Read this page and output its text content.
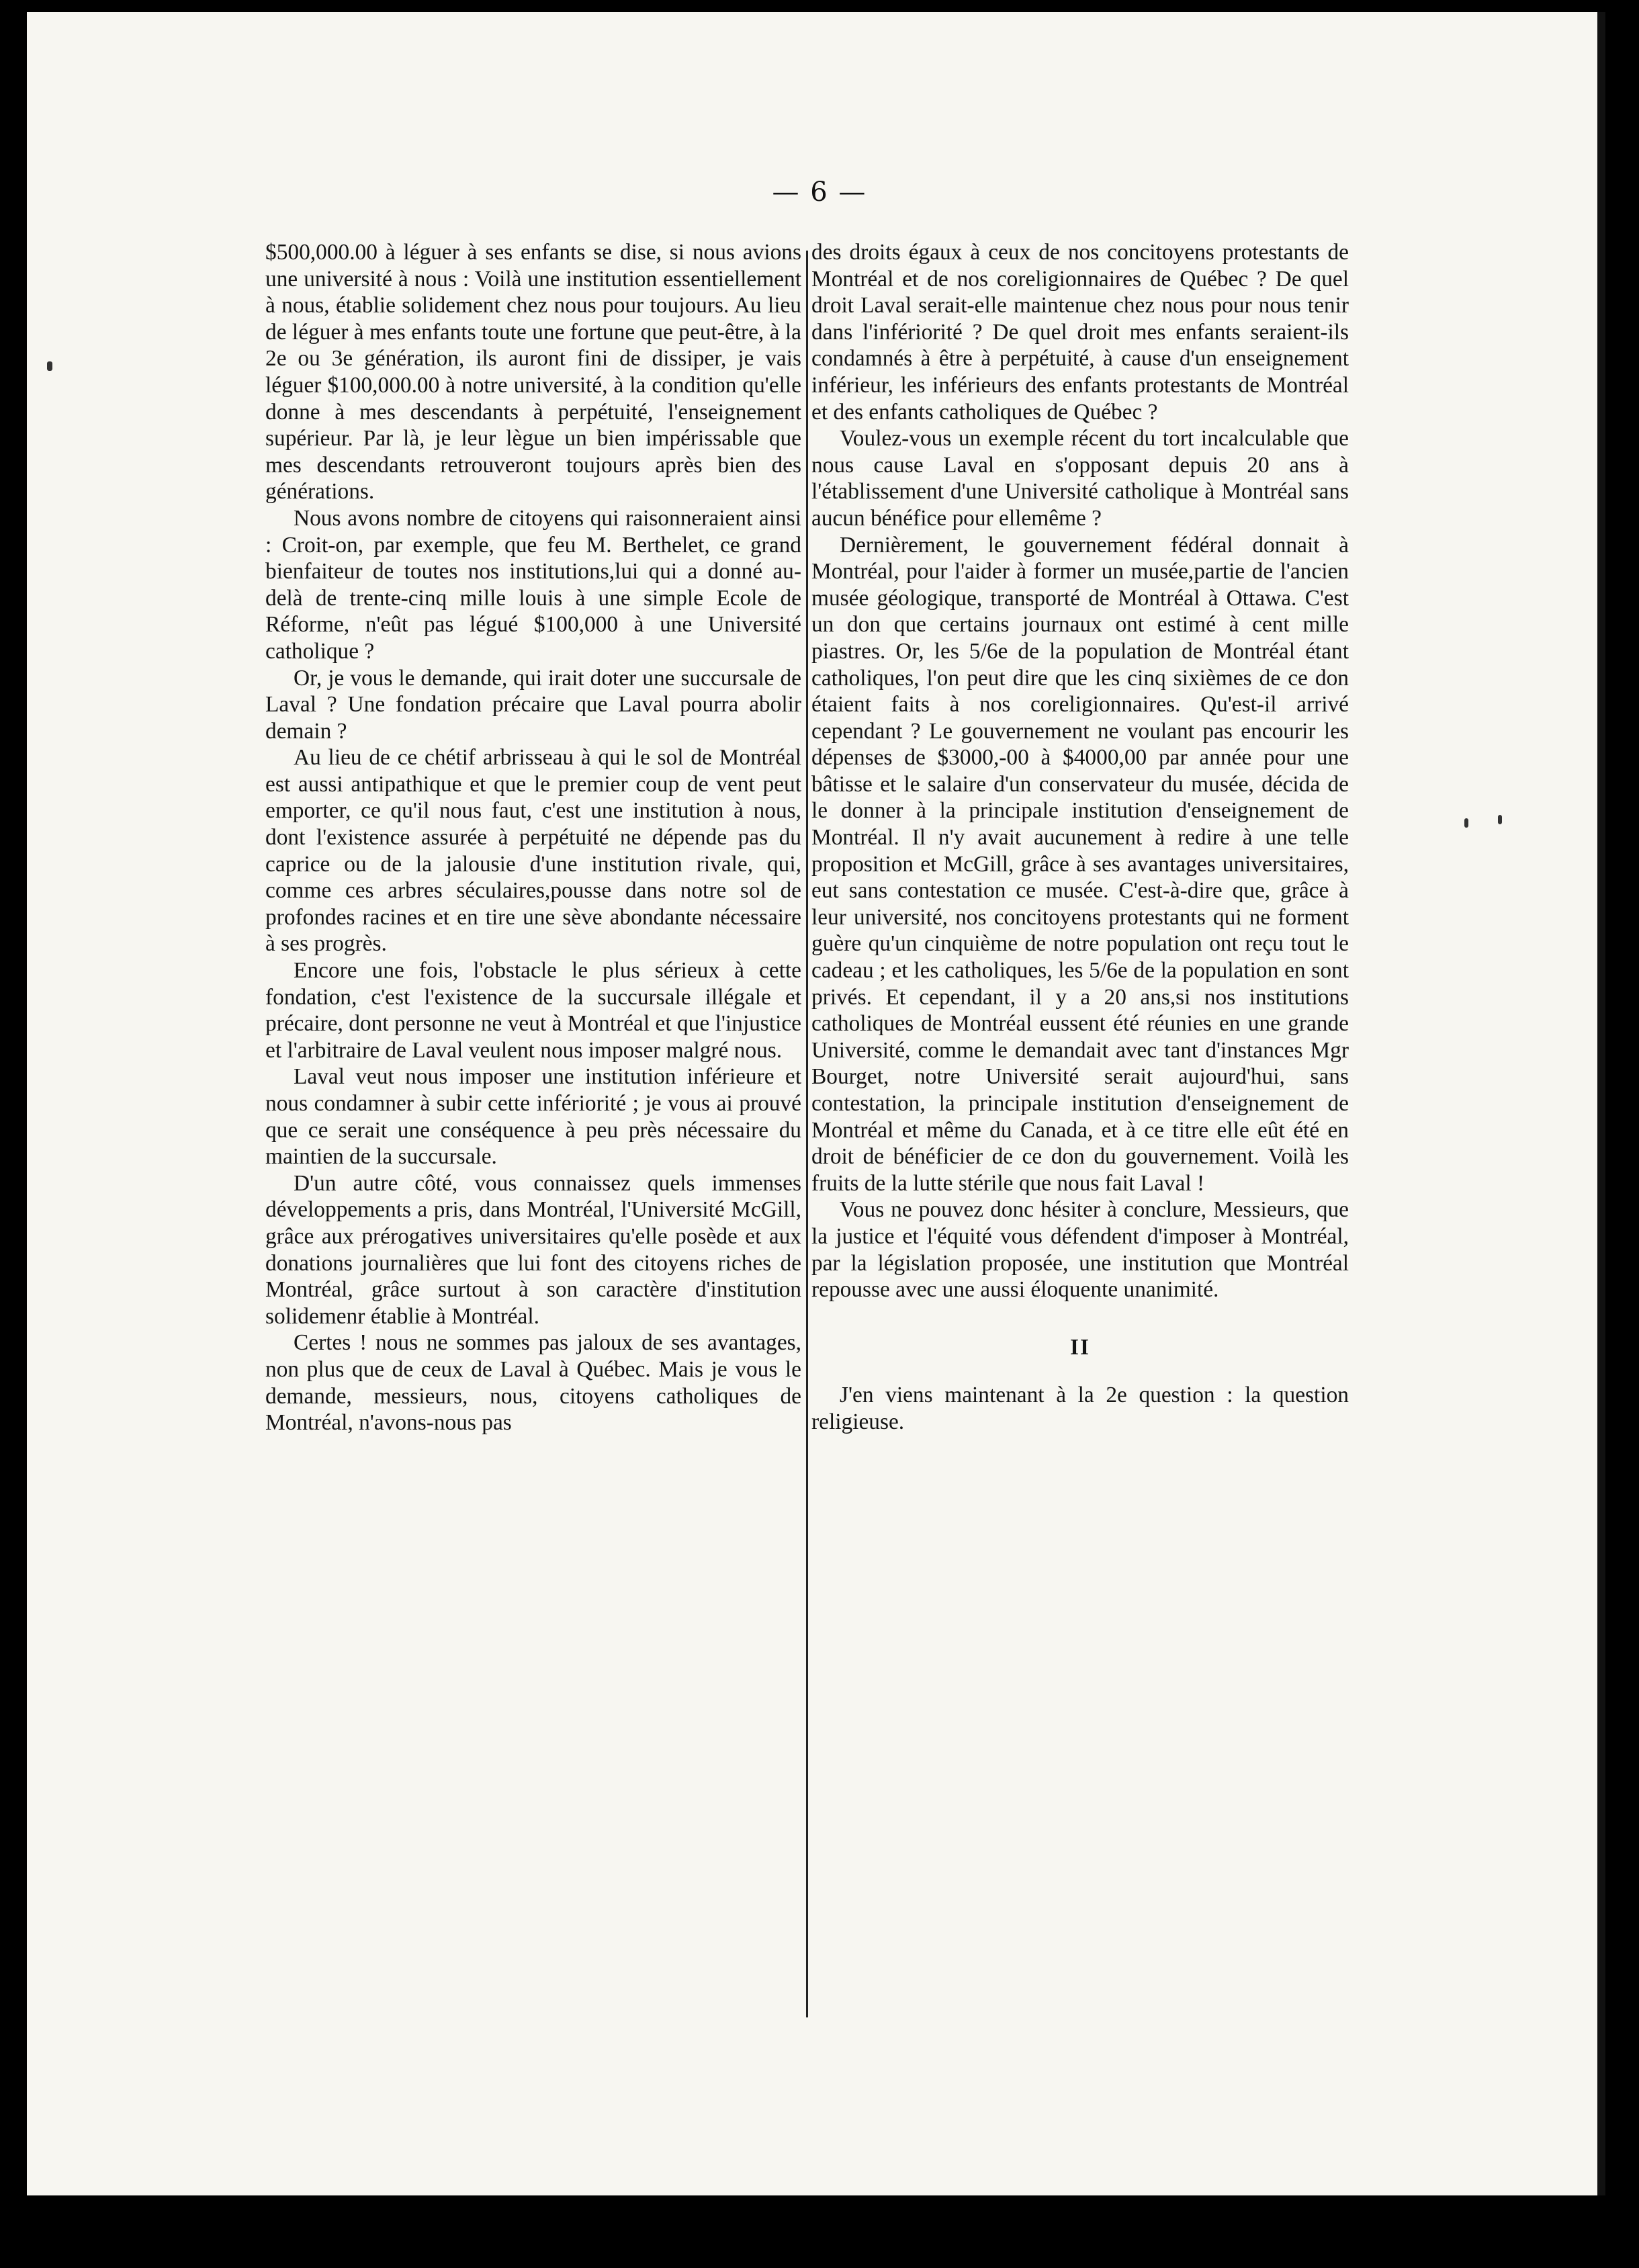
— 6 —

$500,000.00 à léguer à ses enfants se dise, si nous avions une université à nous : Voilà une institution essentiellement à nous, établie solidement chez nous pour toujours. Au lieu de léguer à mes enfants toute une fortune que peut-être, à la 2e ou 3e génération, ils auront fini de dissiper, je vais léguer $100,000.00 à notre université, à la condition qu'elle donne à mes descendants à perpétuité, l'enseignement supérieur. Par là, je leur lègue un bien impérissable que mes descendants retrouveront toujours après bien des générations.

Nous avons nombre de citoyens qui raisonneraient ainsi : Croit-on, par exemple, que feu M. Berthelet, ce grand bienfaiteur de toutes nos institutions,lui qui a donné au-delà de trente-cinq mille louis à une simple Ecole de Réforme, n'eût pas légué $100,000 à une Université catholique ?

Or, je vous le demande, qui irait doter une succursale de Laval ? Une fondation précaire que Laval pourra abolir demain ?

Au lieu de ce chétif arbrisseau à qui le sol de Montréal est aussi antipathique et que le premier coup de vent peut emporter, ce qu'il nous faut, c'est une institution à nous, dont l'existence assurée à perpétuité ne dépende pas du caprice ou de la jalousie d'une institution rivale, qui, comme ces arbres séculaires,pousse dans notre sol de profondes racines et en tire une sève abondante nécessaire à ses progrès.

Encore une fois, l'obstacle le plus sérieux à cette fondation, c'est l'existence de la succursale illégale et précaire, dont personne ne veut à Montréal et que l'injustice et l'arbitraire de Laval veulent nous imposer malgré nous.

Laval veut nous imposer une institution inférieure et nous condamner à subir cette infériorité ; je vous ai prouvé que ce serait une conséquence à peu près nécessaire du maintien de la succursale.

D'un autre côté, vous connaissez quels immenses développements a pris, dans Montréal, l'Université McGill, grâce aux prérogatives universitaires qu'elle posède et aux donations journalières que lui font des citoyens riches de Montréal, grâce surtout à son caractère d'institution solidemenr établie à Montréal.

Certes ! nous ne sommes pas jaloux de ses avantages, non plus que de ceux de Laval à Québec. Mais je vous le demande, messieurs, nous, citoyens catholiques de Montréal, n'avons-nous pas

des droits égaux à ceux de nos concitoyens protestants de Montréal et de nos coreligionnaires de Québec ? De quel droit Laval serait-elle maintenue chez nous pour nous tenir dans l'infériorité ? De quel droit mes enfants seraient-ils condamnés à être à perpétuité, à cause d'un enseignement inférieur, les inférieurs des enfants protestants de Montréal et des enfants catholiques de Québec ?

Voulez-vous un exemple récent du tort incalculable que nous cause Laval en s'opposant depuis 20 ans à l'établissement d'une Université catholique à Montréal sans aucun bénéfice pour ellemême ?

Dernièrement, le gouvernement fédéral donnait à Montréal, pour l'aider à former un musée,partie de l'ancien musée géologique, transporté de Montréal à Ottawa. C'est un don que certains journaux ont estimé à cent mille piastres. Or, les 5/6e de la population de Montréal étant catholiques, l'on peut dire que les cinq sixièmes de ce don étaient faits à nos coreligionnaires. Qu'est-il arrivé cependant ? Le gouvernement ne voulant pas encourir les dépenses de $3000,-00 à $4000,00 par année pour une bâtisse et le salaire d'un conservateur du musée, décida de le donner à la principale institution d'enseignement de Montréal. Il n'y avait aucunement à redire à une telle proposition et McGill, grâce à ses avantages universitaires, eut sans contestation ce musée. C'est-à-dire que, grâce à leur université, nos concitoyens protestants qui ne forment guère qu'un cinquième de notre population ont reçu tout le cadeau ; et les catholiques, les 5/6e de la population en sont privés. Et cependant, il y a 20 ans,si nos institutions catholiques de Montréal eussent été réunies en une grande Université, comme le demandait avec tant d'instances Mgr Bourget, notre Université serait aujourd'hui, sans contestation, la principale institution d'enseignement de Montréal et même du Canada, et à ce titre elle eût été en droit de bénéficier de ce don du gouvernement. Voilà les fruits de la lutte stérile que nous fait Laval !

Vous ne pouvez donc hésiter à conclure, Messieurs, que la justice et l'équité vous défendent d'imposer à Montréal, par la législation proposée, une institution que Montréal repousse avec une aussi éloquente unanimité.

II

J'en viens maintenant à la 2e question : la question religieuse.
